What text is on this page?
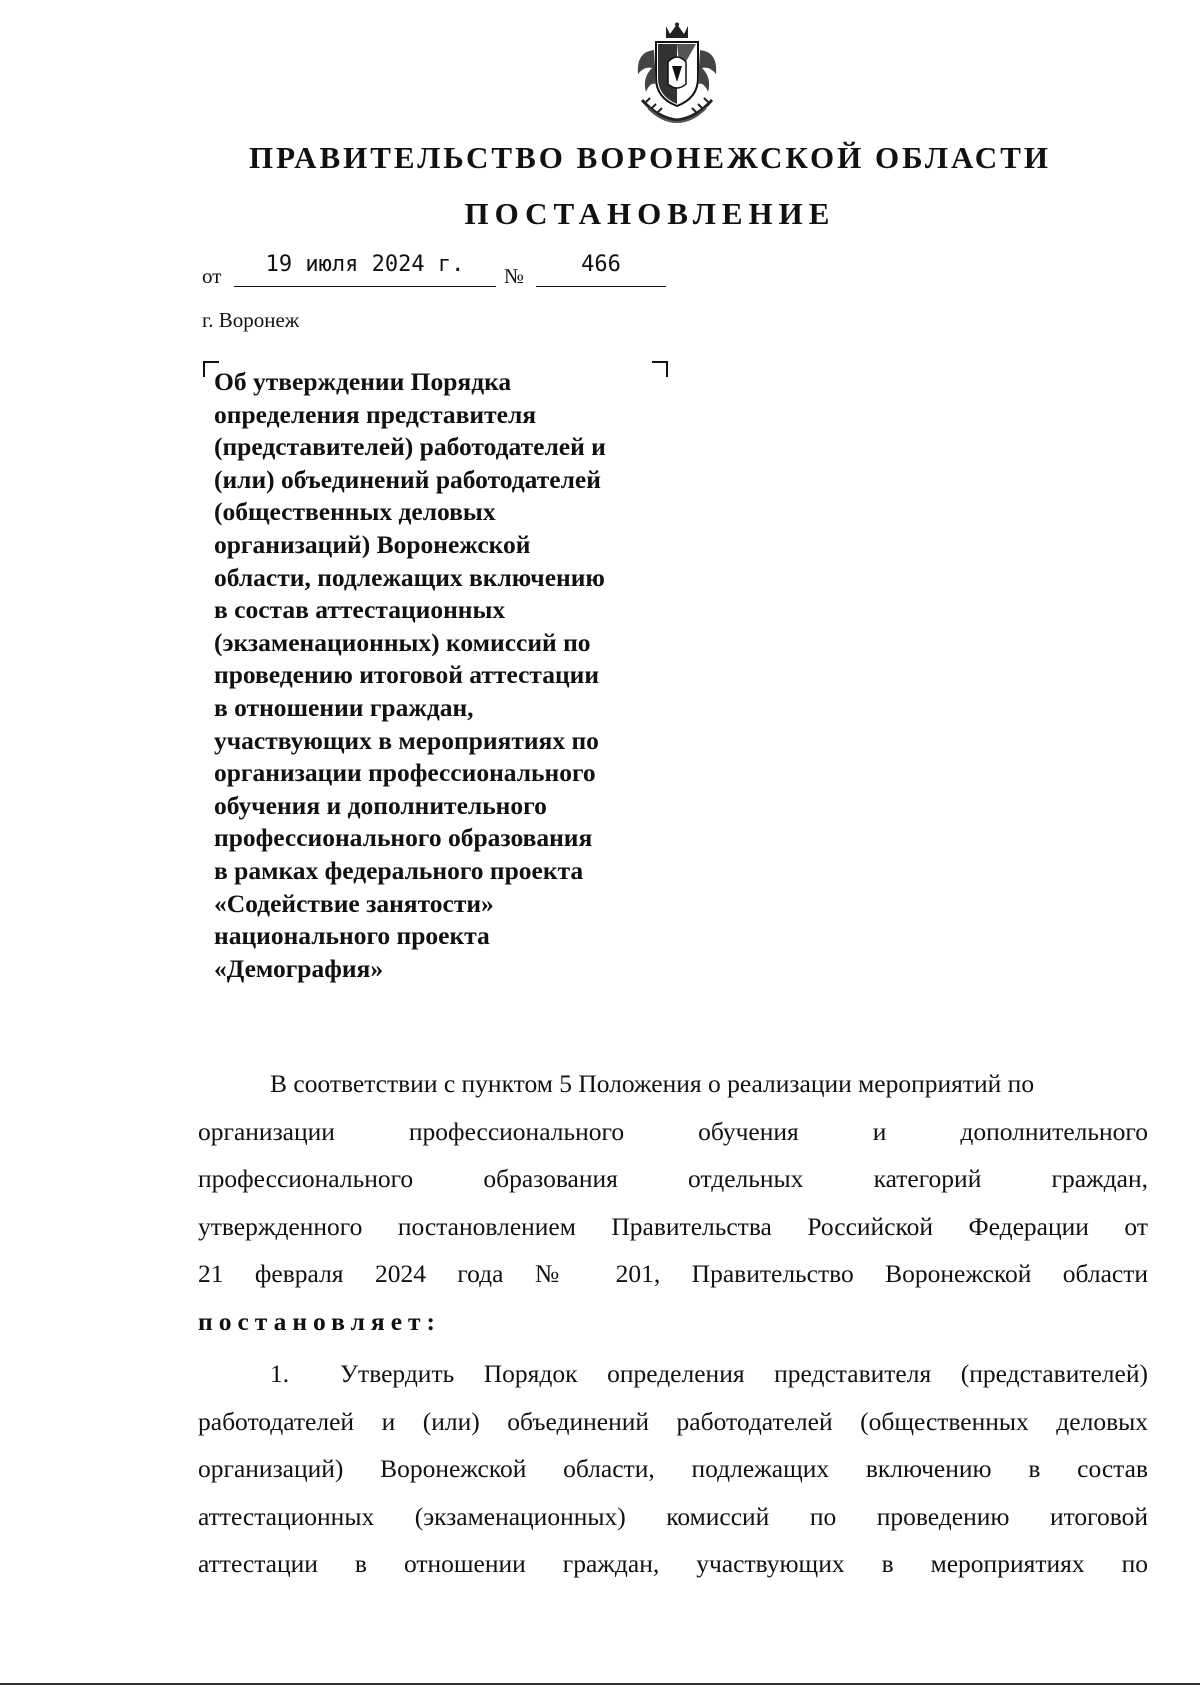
ПРАВИТЕЛЬСТВО ВОРОНЕЖСКОЙ ОБЛАСТИ
ПОСТАНОВЛЕНИЕ
от	19 июля 2024 г.	№	466

г. Воронеж

Об утверждении Порядка
определения представителя
(представителей) работодателей и
(или) объединений работодателей
(общественных деловых
организаций) Воронежской
области, подлежащих включению
в состав аттестационных
(экзаменационных) комиссий по
проведению итоговой аттестации
в отношении граждан,
участвующих в мероприятиях по
организации профессионального
обучения и дополнительного
профессионального образования
в рамках федерального проекта
«Содействие занятости»
национального проекта
«Демография»

В соответствии с пунктом 5 Положения о реализации мероприятий по
организации профессионального обучения и дополнительного
профессионального образования отдельных категорий граждан,
утвержденного постановлением Правительства Российской Федерации от
21 февраля 2024 года № 201, Правительство Воронежской области
постановляет:
1. Утвердить Порядок определения представителя (представителей)
работодателей и (или) объединений работодателей (общественных деловых
организаций) Воронежской области, подлежащих включению в состав
аттестационных (экзаменационных) комиссий по проведению итоговой
аттестации в отношении граждан, участвующих в мероприятиях по
